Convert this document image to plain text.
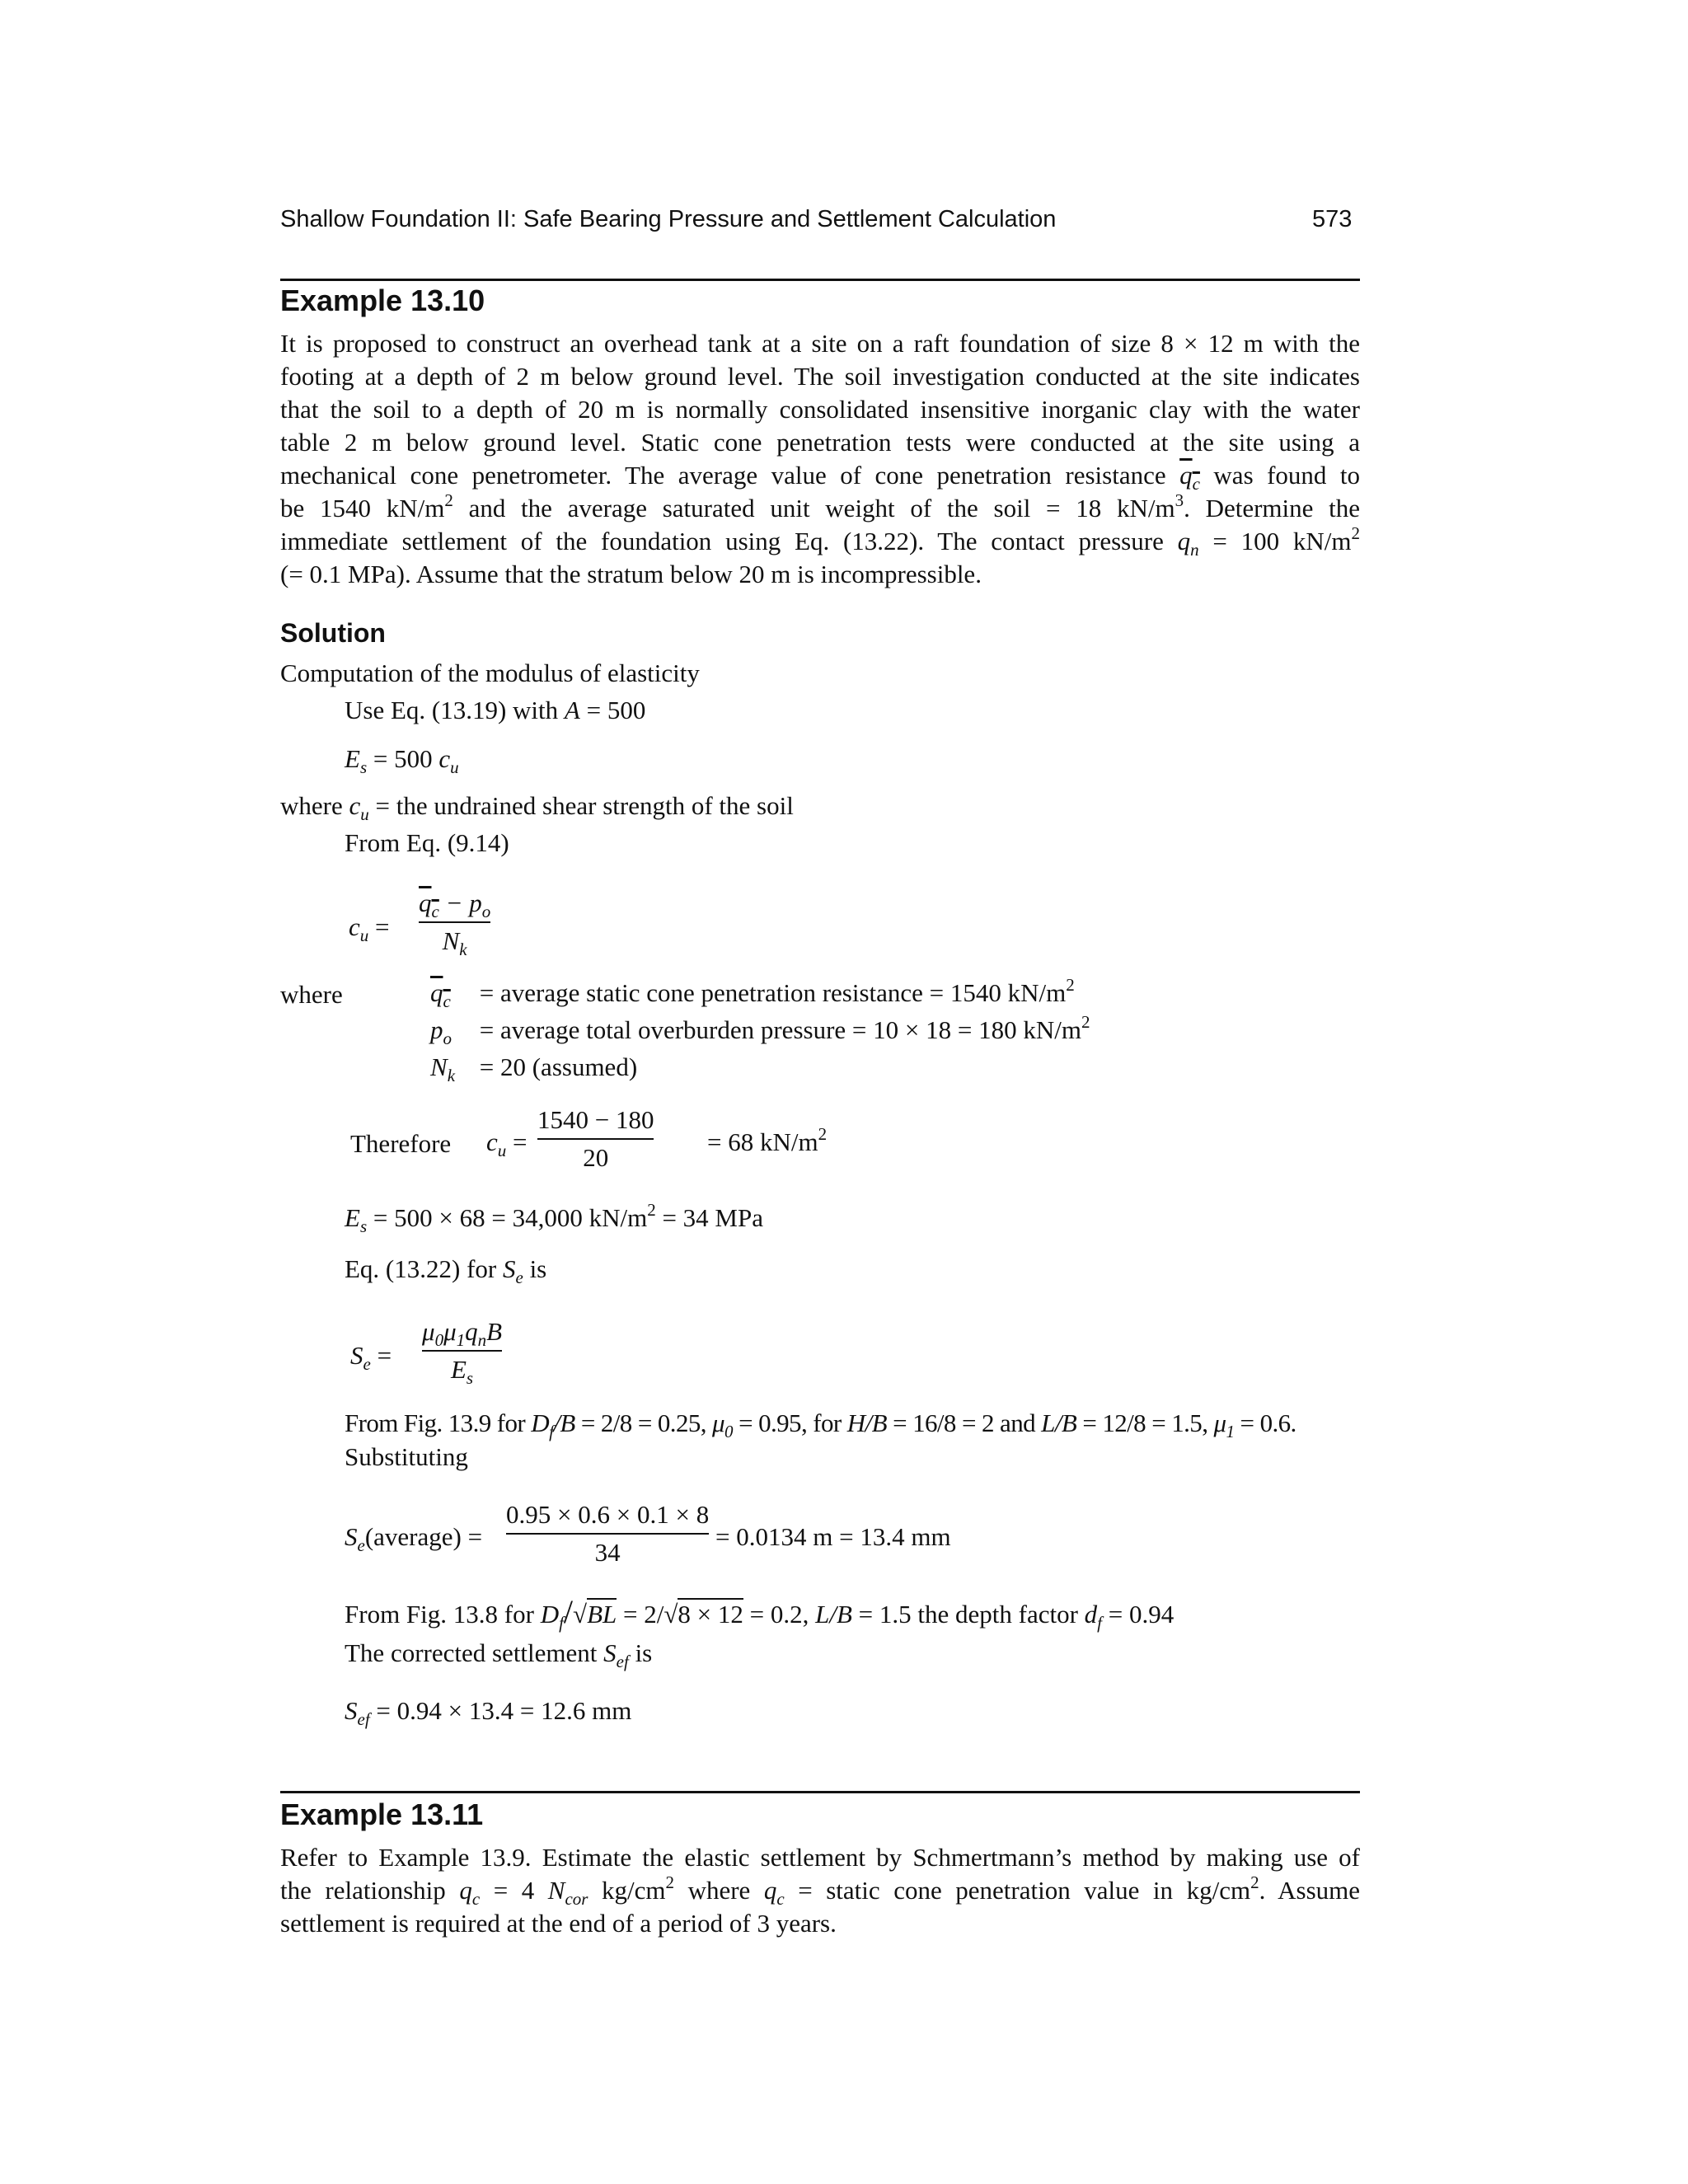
Shallow Foundation II: Safe Bearing Pressure and Settlement Calculation	573
Example 13.10
It is proposed to construct an overhead tank at a site on a raft foundation of size 8 × 12 m with the
footing at a depth of 2 m below ground level. The soil investigation conducted at the site indicates
that the soil to a depth of 20 m is normally consolidated insensitive inorganic clay with the water
table 2 m below ground level. Static cone penetration tests were conducted at the site using a
mechanical cone penetrometer. The average value of cone penetration resistance $q_c$ was found to
be 1540 $kN/m^2$ and the average saturated unit weight of the soil = 18 $kN/m^3$. Determine the
immediate settlement of the foundation using Eq. (13.22). The contact pressure $q_n = 100$ $kN/m^2$
(= 0.1 MPa). Assume that the stratum below 20 m is incompressible.
Solution
Computation of the modulus of elasticity
Use Eq. (13.19) with A = 500
$E_s = 500$ $c_u$
where $c_u$ = the undrained shear strength of the soil
From Eq. (9.14)
$c_u$ =
$q_c - p_o$
$N_k$
where	$q_c$ = average static cone penetration resistance = 1540 $kN/m^2$
$p_o$ = average total overburden pressure = 10 × 18 = 180 $kN/m^2$
$N_k = 20$ (assumed)
Therefore $c_u$ =
1540 − 180
20
= 68 $kN/m^2$
$E_s = 500 \times 68 = 34,000$ $kN/m^2 = 34$ MPa
Eq. (13.22) for $S_e$ is
$S_e$ =
$\mu_0\mu_1q_nB$
$E_s$
From Fig. 13.9 for $D_f/B = 2/8 = 0.25$, $\mu_0 = 0.95$, for H/B = 16/8 = 2 and L/B = 12/8 = 1.5, $\mu_1 = 0.6$.
Substituting
$S_e(average)$ =
0.95 × 0.6 × 0.1 × 8
34
= 0.0134 m = 13.4 mm
From Fig. 13.8 for $D_f/√BL = 2/√8 \times 12 = 0.2$, L/B = 1.5 the depth factor $d_f = 0.94$
The corrected settlement $S_{ef}$ is
$S_{ef} = 0.94 \times 13.4 = 12.6$ mm
Example 13.11
Refer to Example 13.9. Estimate the elastic settlement by Schmertmann’s method by making use of
the relationship $q_c = 4$ $N_{cor}$ $kg/cm^2$ where $q_c$ = static cone penetration value in $kg/cm^2$. Assume
settlement is required at the end of a period of 3 years.
